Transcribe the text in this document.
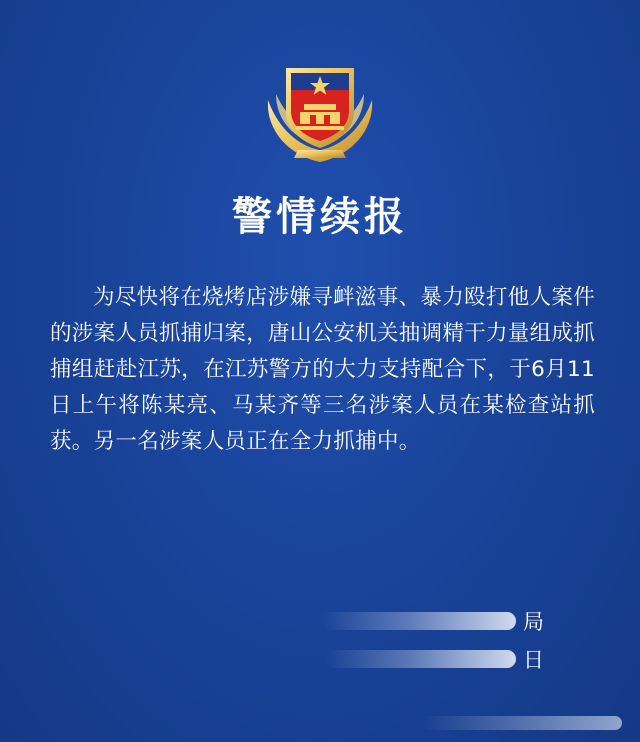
警情续报

为尽快将在烧烤店涉嫌寻衅滋事、暴力殴打他人案件的涉案人员抓捕归案，唐山公安机关抽调精干力量组成抓捕组赶赴江苏，在江苏警方的大力支持配合下，于6月11日上午将陈某亮、马某齐等三名涉案人员在某检查站抓获。另一名涉案人员正在全力抓捕中。

局
日
